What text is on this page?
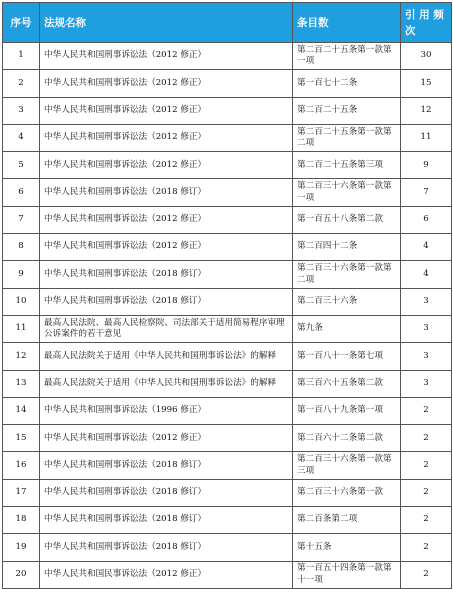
序号	法规名称	条目数	引 用 频次
1	中华人民共和国刑事诉讼法（2012 修正）	第二百二十五条第一款第一项	30
2	中华人民共和国刑事诉讼法（2012 修正）	第一百七十二条	15
3	中华人民共和国刑事诉讼法（2012 修正）	第二百二十五条	12
4	中华人民共和国刑事诉讼法（2012 修正）	第二百二十五条第一款第二项	11
5	中华人民共和国刑事诉讼法（2012 修正）	第二百二十五条第三项	9
6	中华人民共和国刑事诉讼法（2018 修订）	第二百三十六条第一款第一项	7
7	中华人民共和国刑事诉讼法（2012 修正）	第一百五十八条第二款	6
8	中华人民共和国刑事诉讼法（2012 修正）	第二百四十二条	4
9	中华人民共和国刑事诉讼法（2018 修订）	第二百三十六条第一款第二项	4
10	中华人民共和国刑事诉讼法（2018 修订）	第二百三十六条	3
11	最高人民法院、最高人民检察院、司法部关于适用简易程序审理公诉案件的若干意见	第九条	3
12	最高人民法院关于适用《中华人民共和国刑事诉讼法》的解释	第一百八十一条第七项	3
13	最高人民法院关于适用《中华人民共和国刑事诉讼法》的解释	第三百六十五条第二款	3
14	中华人民共和国刑事诉讼法（1996 修正）	第一百八十九条第一项	2
15	中华人民共和国刑事诉讼法（2012 修正）	第二百六十二条第二款	2
16	中华人民共和国刑事诉讼法（2018 修订）	第二百三十六条第一款第三项	2
17	中华人民共和国刑事诉讼法（2018 修订）	第二百三十六条第一款	2
18	中华人民共和国刑事诉讼法（2018 修订）	第二百条第二项	2
19	中华人民共和国刑事诉讼法（2018 修订）	第十五条	2
20	中华人民共和国民事诉讼法（2012 修正）	第一百五十四条第一款第十一项	2
